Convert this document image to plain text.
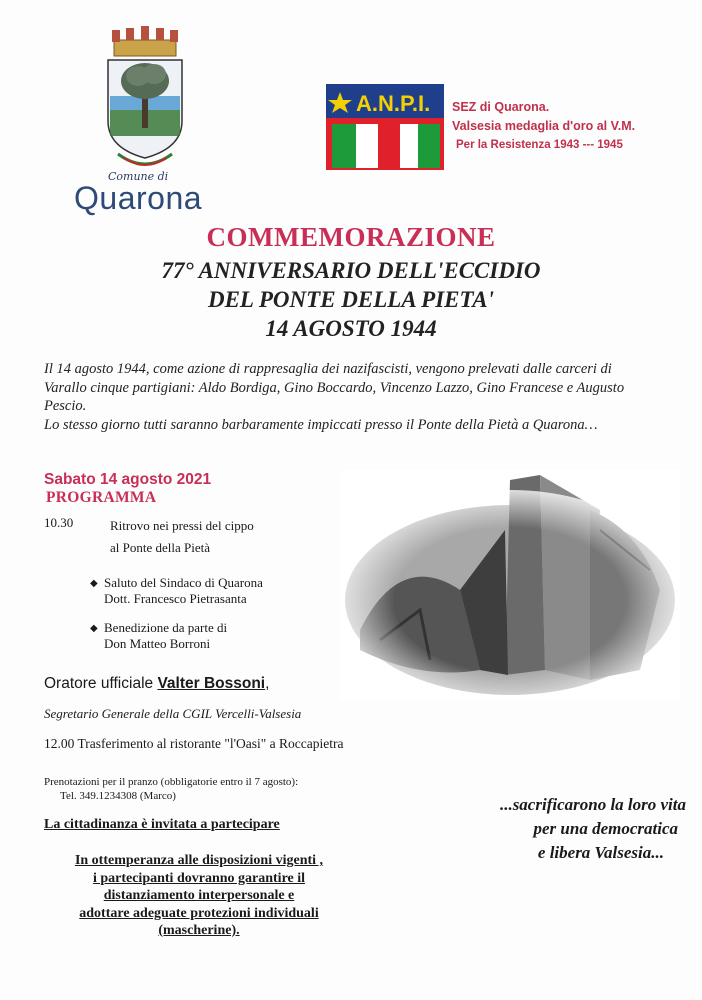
Comune di
Quarona
A.N.P.I. SEZ di Quarona.
Valsesia medaglia d'oro al V.M.
Per la Resistenza 1943 --- 1945
COMMEMORAZIONE
77° ANNIVERSARIO DELL'ECCIDIO
DEL PONTE DELLA PIETA'
14 AGOSTO 1944

Il 14 agosto 1944, come azione di rappresaglia dei nazifascisti, vengono prelevati dalle carceri di Varallo cinque partigiani: Aldo Bordiga, Gino Boccardo, Vincenzo Lazzo, Gino Francese e Augusto Pescio.

Lo stesso giorno tutti saranno barbaramente impiccati presso il Ponte della Pietà a Quarona…

Sabato 14 agosto 2021
PROGRAMMA
10.30	Ritrovo nei pressi del cippo
al Ponte della Pietà
◆ Saluto del Sindaco di Quarona
Dott. Francesco Pietrasanta
◆ Benedizione da parte di
Don Matteo Borroni
Oratore ufficiale Valter Bossoni,
Segretario Generale della CGIL Vercelli-Valsesia
12.00 Trasferimento al ristorante "l'Oasi" a Roccapietra
Prenotazioni per il pranzo (obbligatorie entro il 7 agosto):
Tel. 349.1234308 (Marco)
La cittadinanza è invitata a partecipare
In ottemperanza alle disposizioni vigenti ,
i partecipanti dovranno garantire il
distanziamento interpersonale e
adottare adeguate protezioni individuali
(mascherine).
...sacrificarono la loro vita
per una democratica
e libera Valsesia...
